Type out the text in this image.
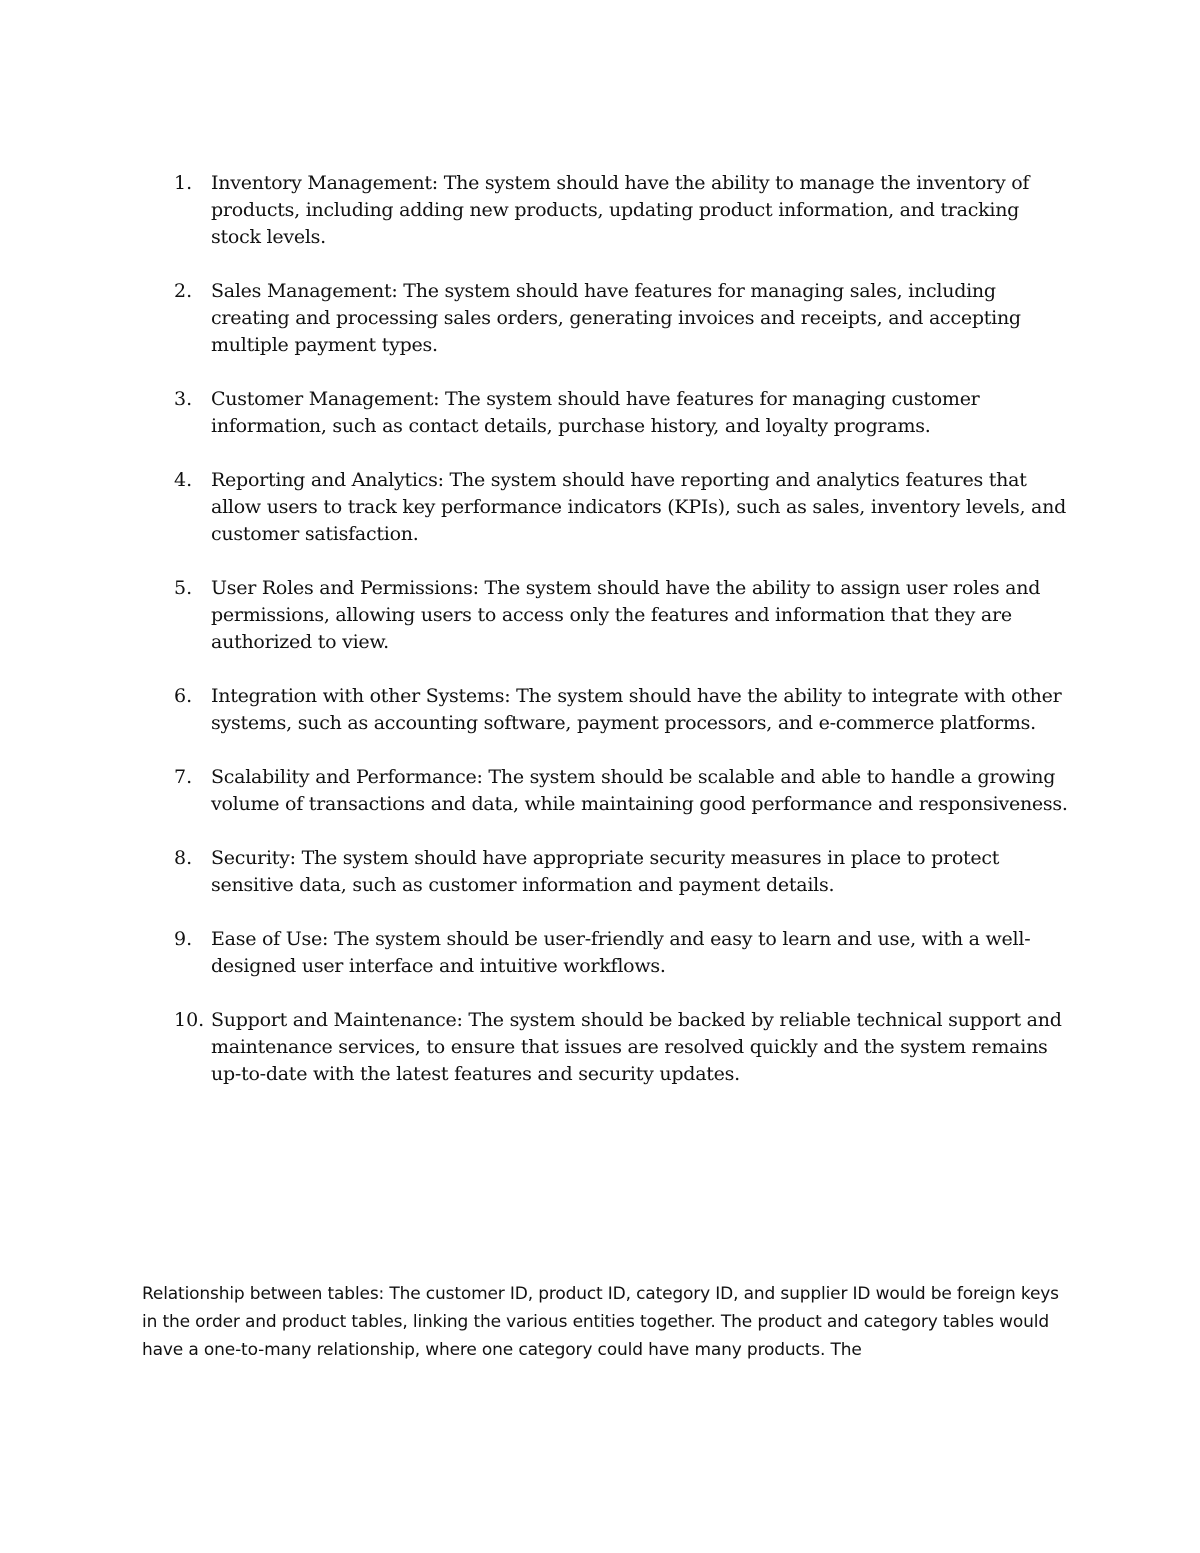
1. Inventory Management: The system should have the ability to manage the inventory of products, including adding new products, updating product information, and tracking stock levels.
2. Sales Management: The system should have features for managing sales, including creating and processing sales orders, generating invoices and receipts, and accepting multiple payment types.
3. Customer Management: The system should have features for managing customer information, such as contact details, purchase history, and loyalty programs.
4. Reporting and Analytics: The system should have reporting and analytics features that allow users to track key performance indicators (KPIs), such as sales, inventory levels, and customer satisfaction.
5. User Roles and Permissions: The system should have the ability to assign user roles and permissions, allowing users to access only the features and information that they are authorized to view.
6. Integration with other Systems: The system should have the ability to integrate with other systems, such as accounting software, payment processors, and e-commerce platforms.
7. Scalability and Performance: The system should be scalable and able to handle a growing volume of transactions and data, while maintaining good performance and responsiveness.
8. Security: The system should have appropriate security measures in place to protect sensitive data, such as customer information and payment details.
9. Ease of Use: The system should be user-friendly and easy to learn and use, with a well-designed user interface and intuitive workflows.
10. Support and Maintenance: The system should be backed by reliable technical support and maintenance services, to ensure that issues are resolved quickly and the system remains up-to-date with the latest features and security updates.

Relationship between tables: The customer ID, product ID, category ID, and supplier ID would be foreign keys in the order and product tables, linking the various entities together. The product and category tables would have a one-to-many relationship, where one category could have many products. The
